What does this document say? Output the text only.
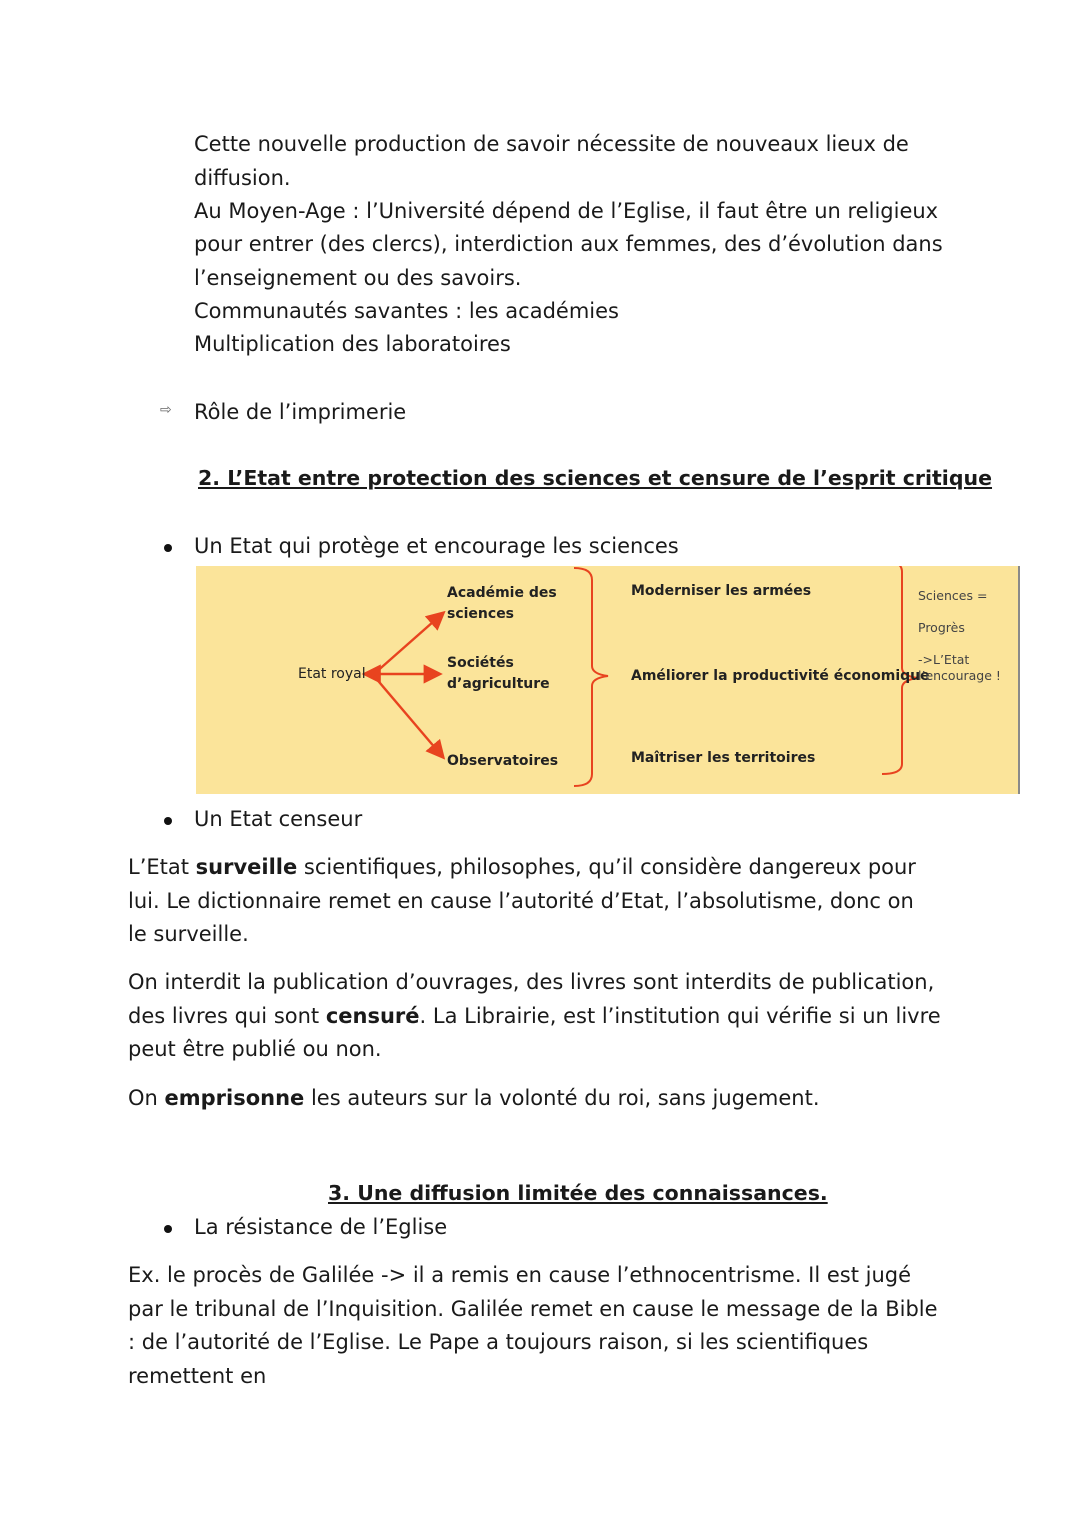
Cette nouvelle production de savoir nécessite de nouveaux lieux de

diffusion.

Au Moyen-Age : l’Université dépend de l’Eglise, il faut être un religieux

pour entrer (des clercs), interdiction aux femmes, des d’évolution dans

l’enseignement ou des savoirs.

Communautés savantes : les académies

Multiplication des laboratoires

⇨ Rôle de l’imprimerie

2. L’Etat entre protection des sciences et censure de l’esprit critique

Un Etat qui protège et encourage les sciences

Etat royal
Académie des
sciences
Sociétés
d’agriculture
Observatoires
Moderniser les armées
Améliorer la productivité économique
Maîtriser les territoires
Sciences =
Progrès
->L’Etat
l’encourage !

Un Etat censeur

L’Etat surveille scientifiques, philosophes, qu’il considère dangereux pour lui. Le dictionnaire remet en cause l’autorité d’Etat, l’absolutisme, donc on le surveille.

On interdit la publication d’ouvrages, des livres sont interdits de publication, des livres qui sont censuré. La Librairie, est l’institution qui vérifie si un livre peut être publié ou non.

On emprisonne les auteurs sur la volonté du roi, sans jugement.

3. Une diffusion limitée des connaissances.

La résistance de l’Eglise

Ex. le procès de Galilée -> il a remis en cause l’ethnocentrisme. Il est jugé par le tribunal de l’Inquisition. Galilée remet en cause le message de la Bible : de l’autorité de l’Eglise. Le Pape a toujours raison, si les scientifiques remettent en
